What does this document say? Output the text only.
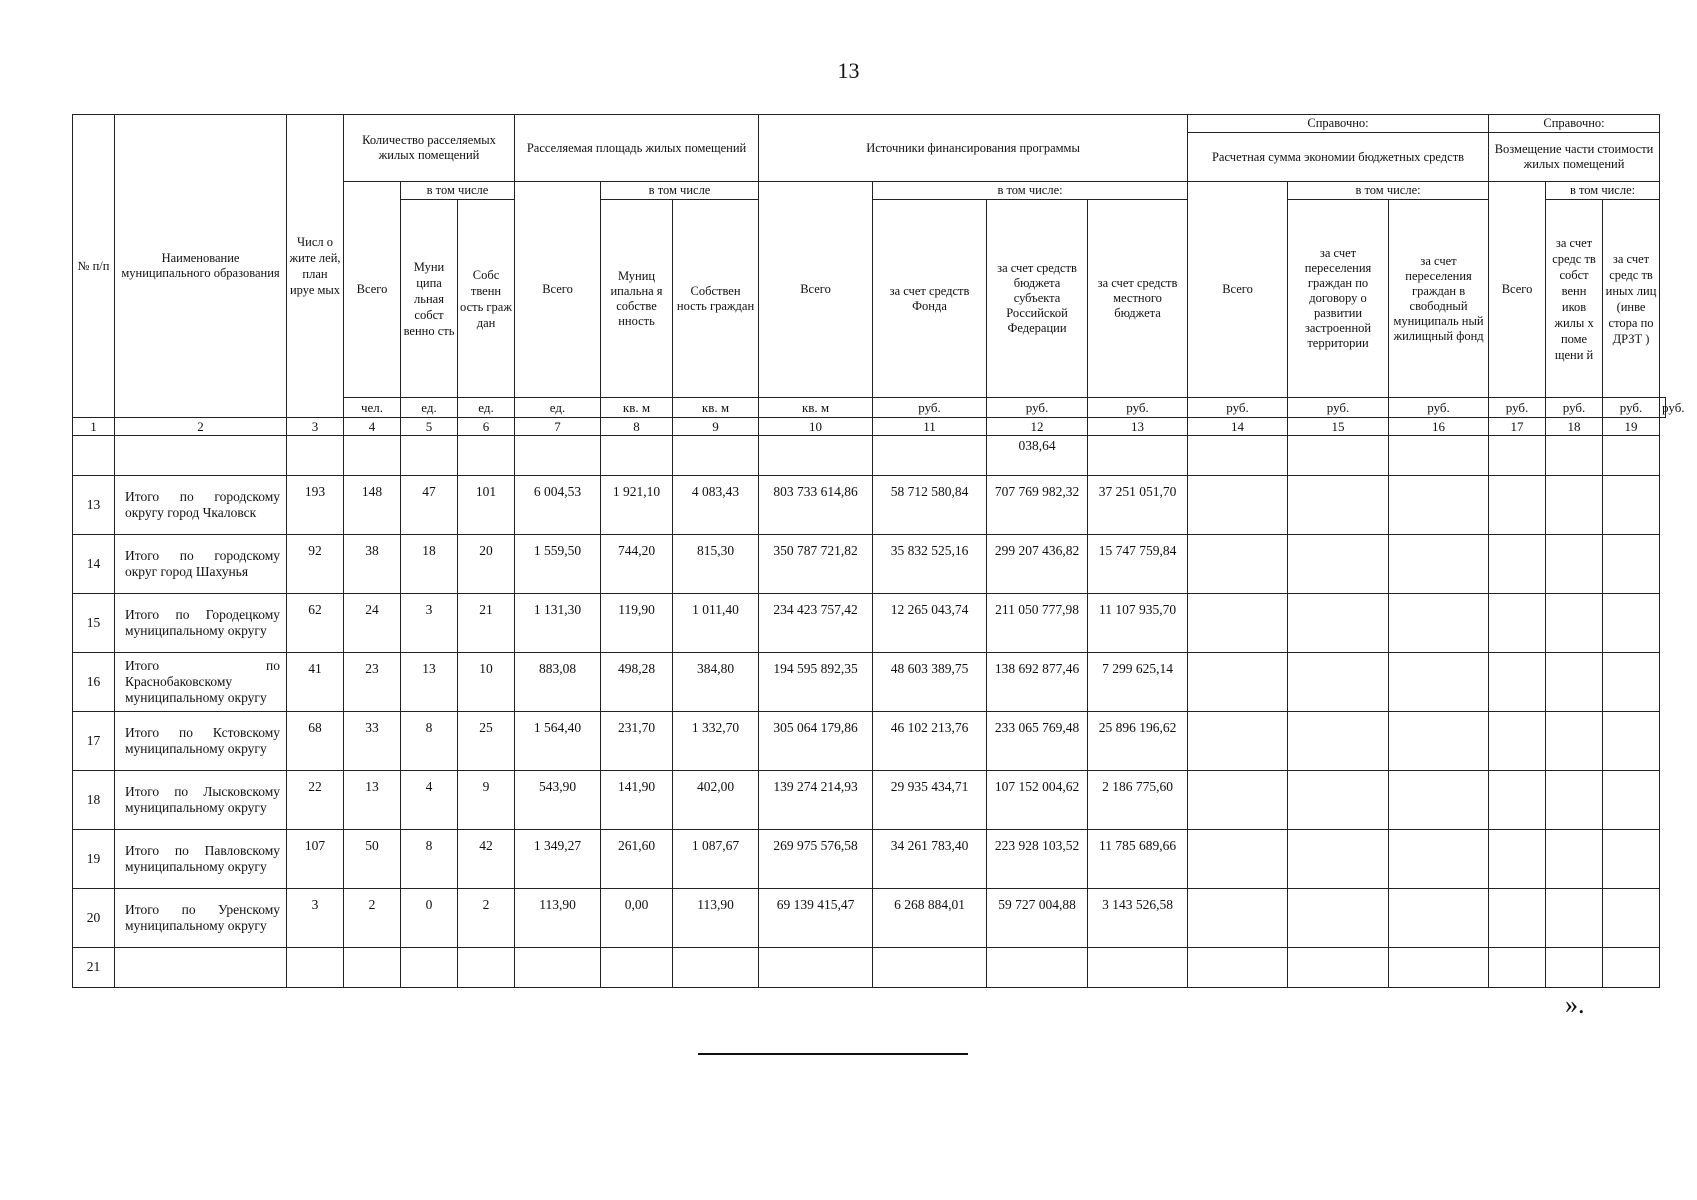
13
№ п/п	Наименование муниципального образования	Числ о жите лей, план ируе мых	Количество расселяемых жилых помещений			Расселяемая площадь жилых помещений			Источники финансирования программы				Справочно:			Справочно:			
													Расчетная сумма экономии бюджетных средств			Возмещение части стоимости жилых помещений			
			Всего	в том числе		Всего	в том числе		Всего	в том числе:			Всего	в том числе:		Всего	в том числе:		
				Муни ципа льная собст венно сть	Собс твенн ость граж дан		Муниц ипальна я собстве нность	Собствен ность граждан		за счет средств Фонда	за счет средств бюджета субъекта Российской Федерации	за счет средств местного бюджета		за счет переселения граждан по договору о развитии застроенной территории	за счет переселения граждан в свободный муниципаль ный жилищный фонд		за счет средс тв собст венн иков жилы х поме щени й	за счет средс тв иных лиц (инве стора по ДРЗТ )	
			чел.	ед.	ед.	ед.	кв. м	кв. м	кв. м	руб.	руб.	руб.	руб.	руб.	руб.	руб.	руб.	руб.	руб.
1	2	3	4	5	6	7	8	9	10	11	12	13	14	15	16	17	18	19	
											038,64								
13	Итого по городскому округу город Чкаловск	193	148	47	101	6 004,53	1 921,10	4 083,43	803 733 614,86	58 712 580,84	707 769 982,32	37 251 051,70							
14	Итого по городскому округ город Шахунья	92	38	18	20	1 559,50	744,20	815,30	350 787 721,82	35 832 525,16	299 207 436,82	15 747 759,84							
15	Итого по Городецкому муниципальному округу	62	24	3	21	1 131,30	119,90	1 011,40	234 423 757,42	12 265 043,74	211 050 777,98	11 107 935,70							
16	Итого по Краснобаковскому муниципальному округу	41	23	13	10	883,08	498,28	384,80	194 595 892,35	48 603 389,75	138 692 877,46	7 299 625,14							
17	Итого по Кстовскому муниципальному округу	68	33	8	25	1 564,40	231,70	1 332,70	305 064 179,86	46 102 213,76	233 065 769,48	25 896 196,62							
18	Итого по Лысковскому муниципальному округу	22	13	4	9	543,90	141,90	402,00	139 274 214,93	29 935 434,71	107 152 004,62	2 186 775,60							
19	Итого по Павловскому муниципальному округу	107	50	8	42	1 349,27	261,60	1 087,67	269 975 576,58	34 261 783,40	223 928 103,52	11 785 689,66							
20	Итого по Уренскому муниципальному округу	3	2	0	2	113,90	0,00	113,90	69 139 415,47	6 268 884,01	59 727 004,88	3 143 526,58							
21																			
».
